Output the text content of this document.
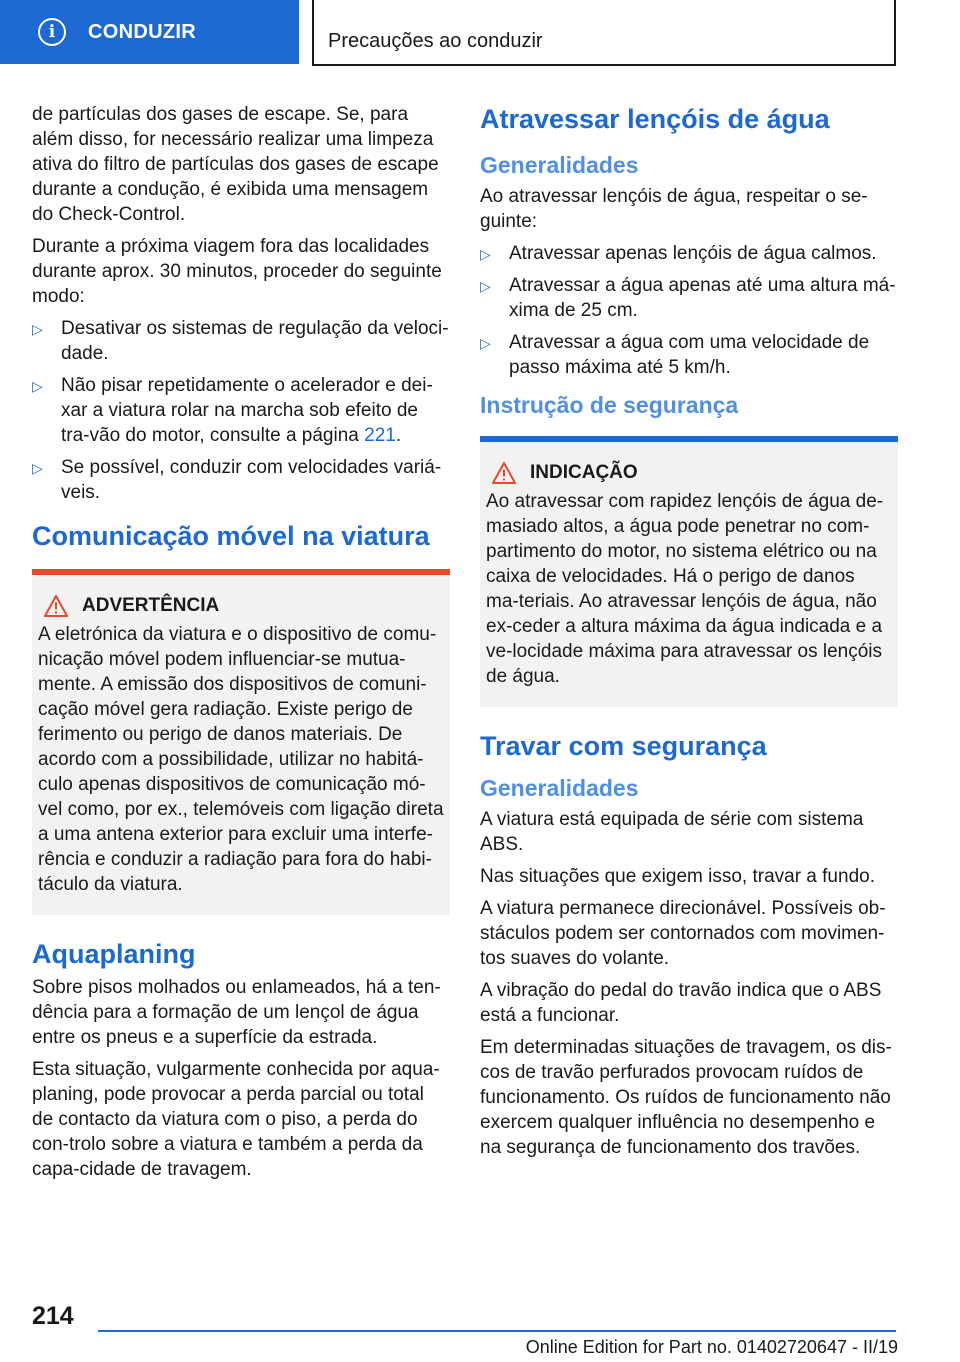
i	CONDUZIR	Precauções ao conduzir

de partículas dos gases de escape. Se, para além disso, for necessário realizar uma limpeza ativa do filtro de partículas dos gases de escape durante a condução, é exibida uma mensagem do Check-Control.

Durante a próxima viagem fora das localidades durante aprox. 30 minutos, proceder do seguinte modo:

▷ Desativar os sistemas de regulação da veloci‐dade.
▷ Não pisar repetidamente o acelerador e dei‐xar a viatura rolar na marcha sob efeito de tra‐vão do motor, consulte a página 221.
▷ Se possível, conduzir com velocidades variá‐veis.
Comunicação móvel na viatura
ADVERTÊNCIA
A eletrónica da viatura e o dispositivo de comu‐nicação móvel podem influenciar-se mutua‐mente. A emissão dos dispositivos de comuni‐cação móvel gera radiação. Existe perigo de ferimento ou perigo de danos materiais. De acordo com a possibilidade, utilizar no habitá‐culo apenas dispositivos de comunicação mó‐vel como, por ex., telemóveis com ligação direta a uma antena exterior para excluir uma interfe‐rência e conduzir a radiação para fora do habi‐táculo da viatura.
Aquaplaning

Sobre pisos molhados ou enlameados, há a ten‐dência para a formação de um lençol de água entre os pneus e a superfície da estrada.

Esta situação, vulgarmente conhecida por aqua‐planing, pode provocar a perda parcial ou total de contacto da viatura com o piso, a perda do con‐trolo sobre a viatura e também a perda da capa‐cidade de travagem.

Atravessar lençóis de água
Generalidades

Ao atravessar lençóis de água, respeitar o se‐guinte:

▷ Atravessar apenas lençóis de água calmos.
▷ Atravessar a água apenas até uma altura má‐xima de 25 cm.
▷ Atravessar a água com uma velocidade de passo máxima até 5 km/h.
Instrução de segurança
INDICAÇÃO
Ao atravessar com rapidez lençóis de água de‐masiado altos, a água pode penetrar no com‐partimento do motor, no sistema elétrico ou na caixa de velocidades. Há o perigo de danos ma‐teriais. Ao atravessar lençóis de água, não ex‐ceder a altura máxima da água indicada e a ve‐locidade máxima para atravessar os lençóis de água.
Travar com segurança
Generalidades

A viatura está equipada de série com sistema ABS.

Nas situações que exigem isso, travar a fundo.

A viatura permanece direcionável. Possíveis ob‐stáculos podem ser contornados com movimen‐tos suaves do volante.

A vibração do pedal do travão indica que o ABS está a funcionar.

Em determinadas situações de travagem, os dis‐cos de travão perfurados provocam ruídos de funcionamento. Os ruídos de funcionamento não exercem qualquer influência no desempenho e na segurança de funcionamento dos travões.

214
Online Edition for Part no. 01402720647 - II/19
